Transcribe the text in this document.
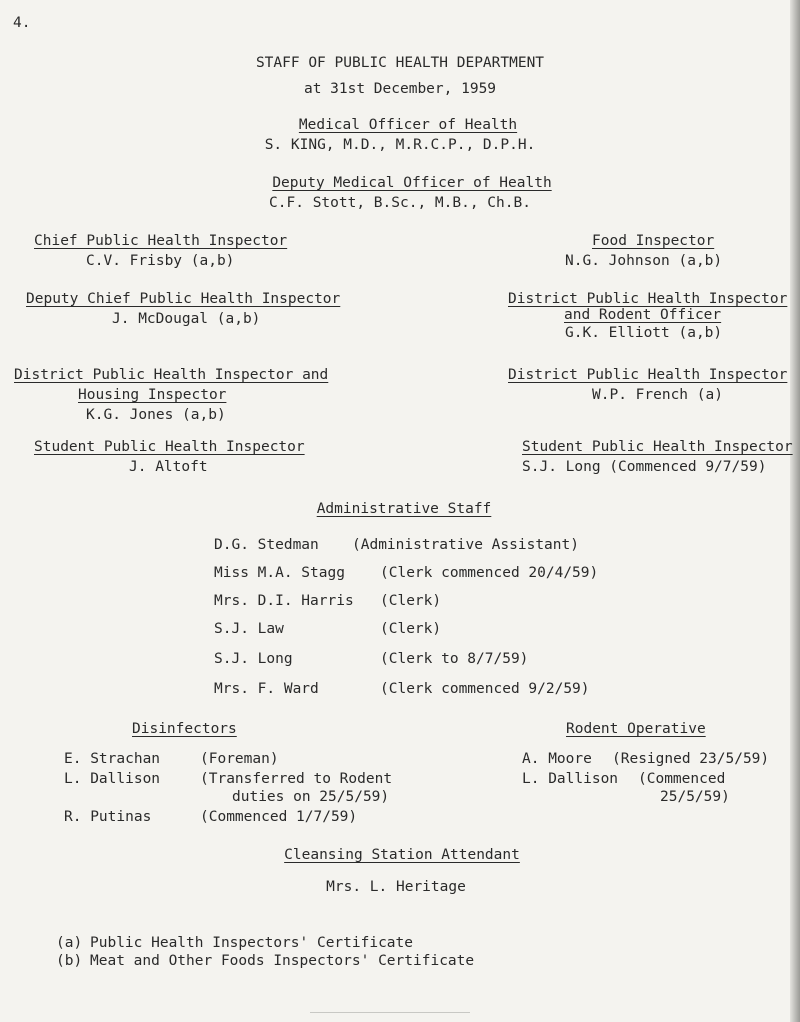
4.
STAFF OF PUBLIC HEALTH DEPARTMENT
at 31st December, 1959
Medical Officer of Health
S. KING, M.D., M.R.C.P., D.P.H.
Deputy Medical Officer of Health
C.F. Stott, B.Sc., M.B., Ch.B.
Chief Public Health Inspector
C.V. Frisby (a,b)
Deputy Chief Public Health Inspector
J. McDougal (a,b)
District Public Health Inspector and
Housing Inspector
K.G. Jones (a,b)
Student Public Health Inspector
J. Altoft
Food Inspector
N.G. Johnson (a,b)
District Public Health Inspector
and Rodent Officer
G.K. Elliott (a,b)
District Public Health Inspector
W.P. French (a)
Student Public Health Inspector
S.J. Long (Commenced 9/7/59)
Administrative Staff
D.G. Stedman (Administrative Assistant)
Miss M.A. Stagg (Clerk commenced 20/4/59)
Mrs. D.I. Harris (Clerk)
S.J. Law	(Clerk)
S.J. Long	(Clerk to 8/7/59)
Mrs. F. Ward	(Clerk commenced 9/2/59)
Disinfectors
E. Strachan	(Foreman)
L. Dallison	(Transferred to Rodent
duties on 25/5/59)
R. Putinas	(Commenced 1/7/59)
Rodent Operative
A. Moore (Resigned 23/5/59)
L. Dallison (Commenced
25/5/59)
Cleansing Station Attendant
Mrs. L. Heritage
(a) Public Health Inspectors' Certificate
(b) Meat and Other Foods Inspectors' Certificate
